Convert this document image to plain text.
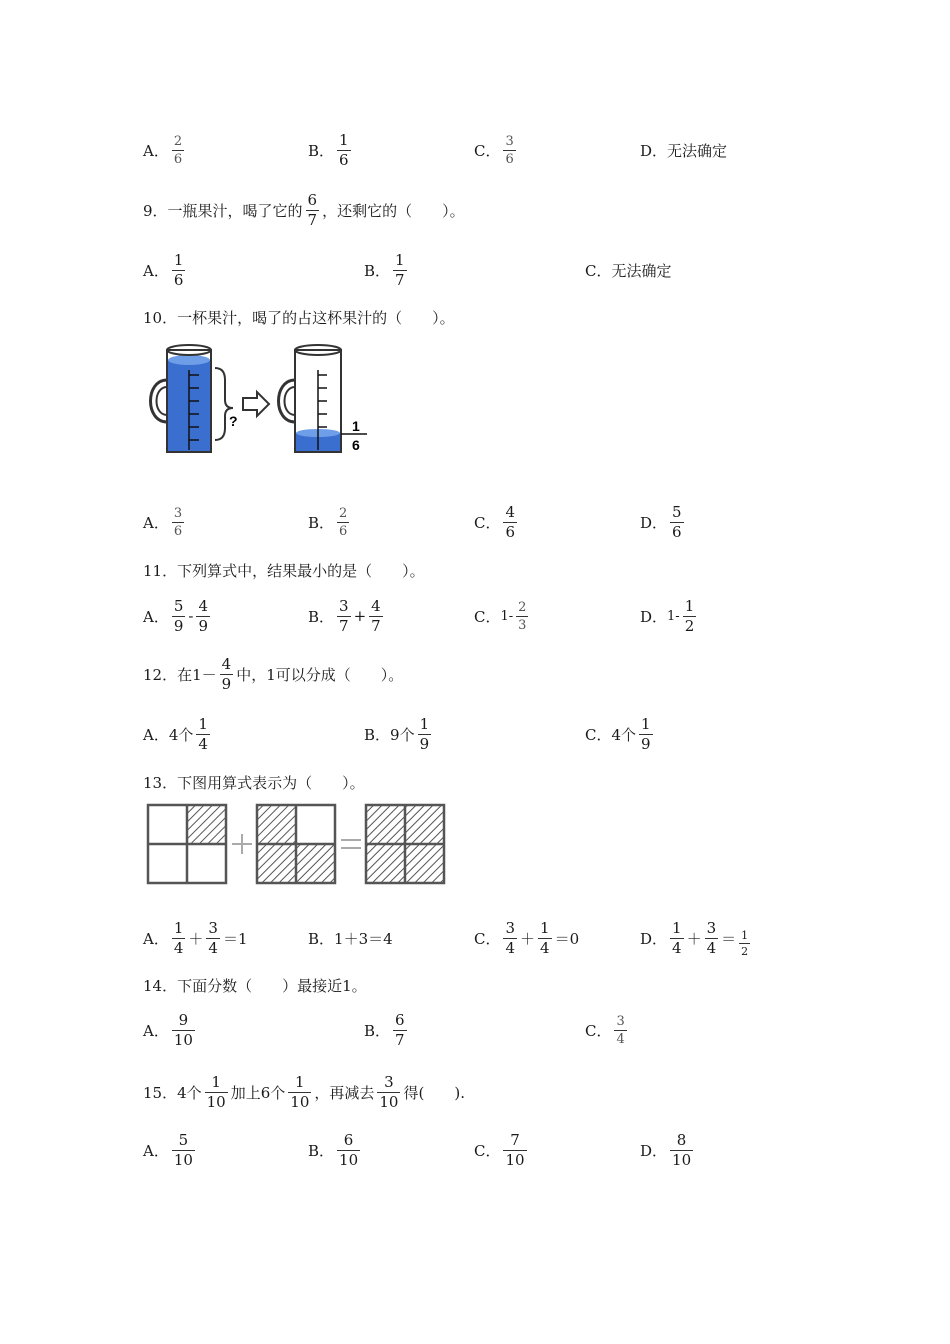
A． $\frac{2}{6}$	B． $\frac{1}{6}$	C． $\frac{3}{6}$	D． 无法确定
9．一瓶果汁，喝了它的 $\frac{6}{7}$ ，还剩它的（　　）。
A． $\frac{1}{6}$	B． $\frac{1}{7}$	C． 无法确定
10．一杯果汁，喝了的占这杯果汁的（　　）。
?	1
6
A． $\frac{3}{6}$	B． $\frac{2}{6}$	C． $\frac{4}{6}$	D． $\frac{5}{6}$
11．下列算式中，结果最小的是（　　）。
A． $\frac{5}{9} - \frac{4}{9}$	B． $\frac{3}{7} + \frac{4}{7}$	C． $1- \frac{2}{3}$	D． $1- \frac{1}{2}$
12．在$1- \frac{4}{9}$ 中，1可以分成（　　）。
A． 4个 $\frac{1}{4}$	B． 9个 $\frac{1}{9}$	C． 4个 $\frac{1}{9}$
13．下图用算式表示为（　　）。
A． $\frac{1}{4} + \frac{3}{4} =1$	B． 1＋3＝4	C． $\frac{3}{4} + \frac{1}{4} =0$	D． $\frac{1}{4} + \frac{3}{4} = \frac{1}{2}$
14．下面分数（　　）最接近1。
A． $\frac{9}{10}$	B． $\frac{6}{7}$	C． $\frac{3}{4}$
15．4个 $\frac{1}{10}$ 加上6个 $\frac{1}{10}$ ，再减去 $\frac{3}{10}$ 得(　　).
A． $\frac{5}{10}$	B． $\frac{6}{10}$	C． $\frac{7}{10}$	D． $\frac{8}{10}$
